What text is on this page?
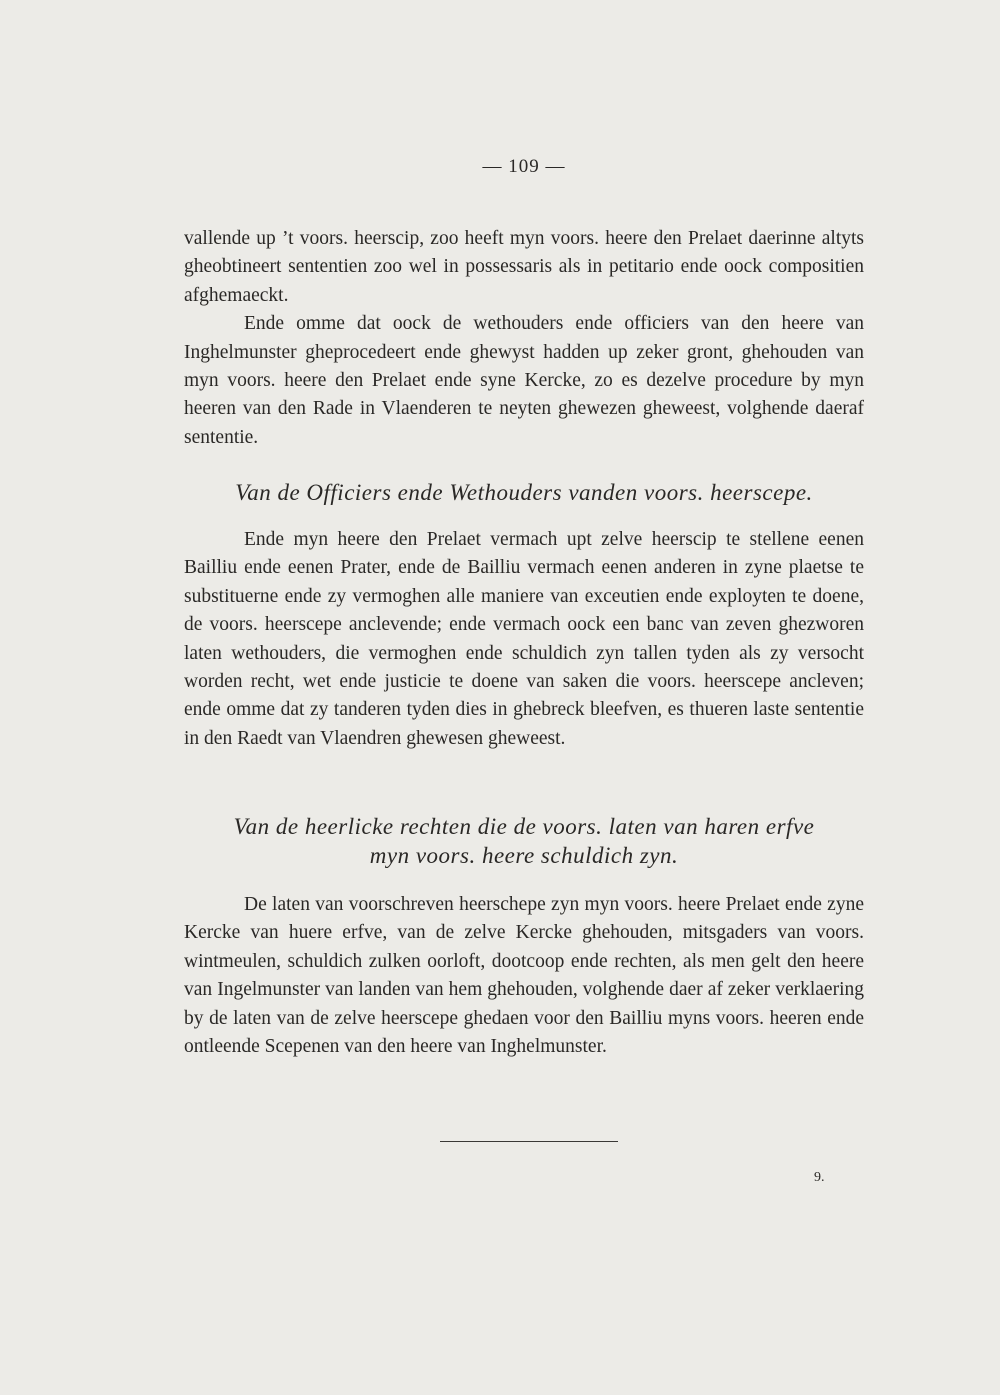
— 109 —

vallende up ’t voors. heerscip, zoo heeft myn voors. heere den Prelaet daerinne altyts gheobtineert sententien zoo wel in possessaris als in petitario ende oock compositien afghemaeckt.

Ende omme dat oock de wethouders ende officiers van den heere van Inghelmunster gheprocedeert ende ghewyst hadden up zeker gront, ghehouden van myn voors. heere den Prelaet ende syne Kercke, zo es dezelve procedure by myn heeren van den Rade in Vlaenderen te neyten ghewezen gheweest, volghende daeraf sententie.

Van de Officiers ende Wethouders vanden voors. heerscepe.

Ende myn heere den Prelaet vermach upt zelve heerscip te stellene eenen Bailliu ende eenen Prater, ende de Bailliu vermach eenen anderen in zyne plaetse te substituerne ende zy vermoghen alle maniere van exceutien ende exployten te doene, de voors. heerscepe anclevende; ende vermach oock een banc van zeven ghezworen laten wethouders, die vermoghen ende schuldich zyn tallen tyden als zy versocht worden recht, wet ende justicie te doene van saken die voors. heerscepe ancleven; ende omme dat zy tanderen tyden dies in ghebreck bleefven, es thueren laste sententie in den Raedt van Vlaendren ghewesen gheweest.

Van de heerlicke rechten die de voors. laten van haren erfve
myn voors. heere schuldich zyn.

De laten van voorschreven heerschepe zyn myn voors. heere Prelaet ende zyne Kercke van huere erfve, van de zelve Kercke ghehouden, mitsgaders van voors. wintmeulen, schuldich zulken oorloft, dootcoop ende rechten, als men gelt den heere van Ingelmunster van landen van hem ghehouden, volghende daer af zeker verklaering by de laten van de zelve heerscepe ghedaen voor den Bailliu myns voors. heeren ende ontleende Scepenen van den heere van Inghelmunster.

9.
